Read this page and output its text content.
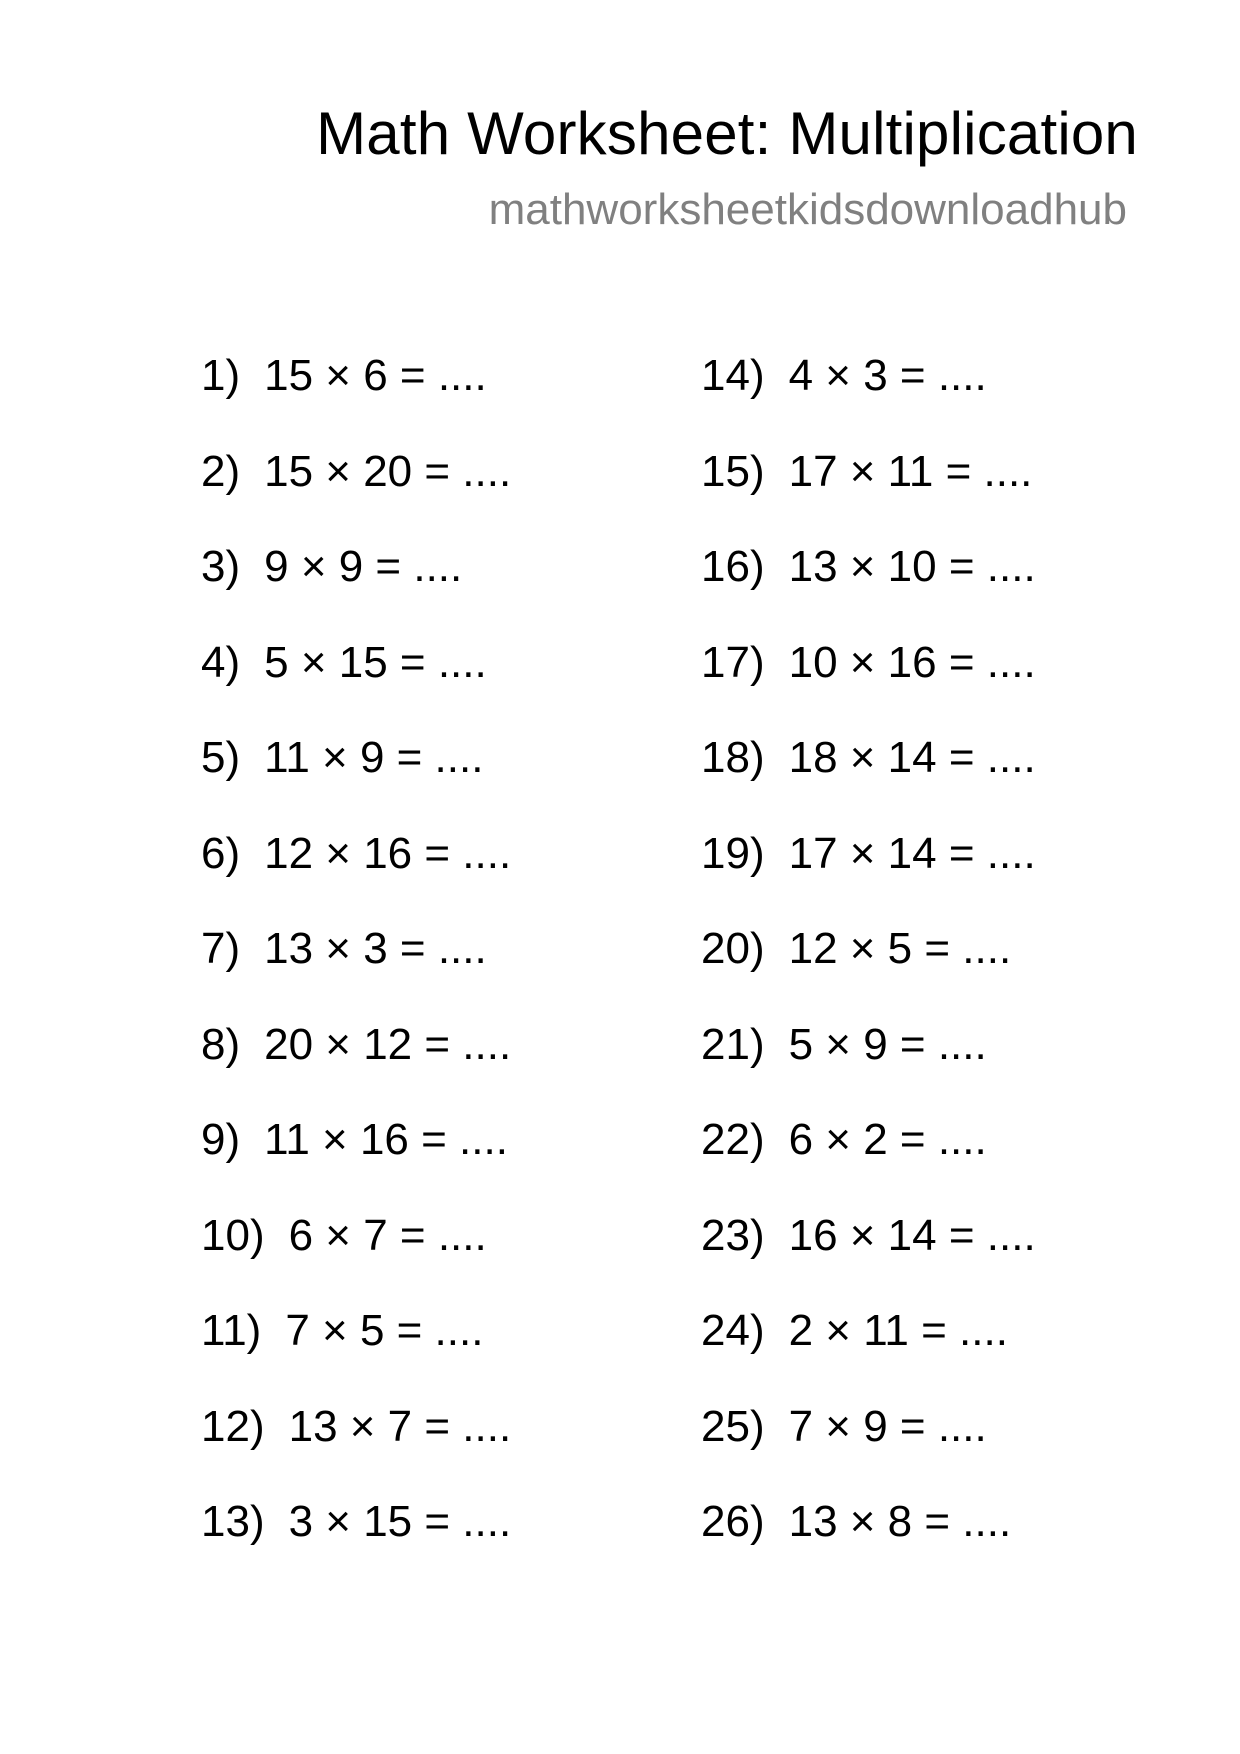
Math Worksheet: Multiplication
mathworksheetkidsdownloadhub
1) 15 × 6 = ....
2) 15 × 20 = ....
3) 9 × 9 = ....
4) 5 × 15 = ....
5) 11 × 9 = ....
6) 12 × 16 = ....
7) 13 × 3 = ....
8) 20 × 12 = ....
9) 11 × 16 = ....
10) 6 × 7 = ....
11) 7 × 5 = ....
12) 13 × 7 = ....
13) 3 × 15 = ....
14) 4 × 3 = ....
15) 17 × 11 = ....
16) 13 × 10 = ....
17) 10 × 16 = ....
18) 18 × 14 = ....
19) 17 × 14 = ....
20) 12 × 5 = ....
21) 5 × 9 = ....
22) 6 × 2 = ....
23) 16 × 14 = ....
24) 2 × 11 = ....
25) 7 × 9 = ....
26) 13 × 8 = ....
